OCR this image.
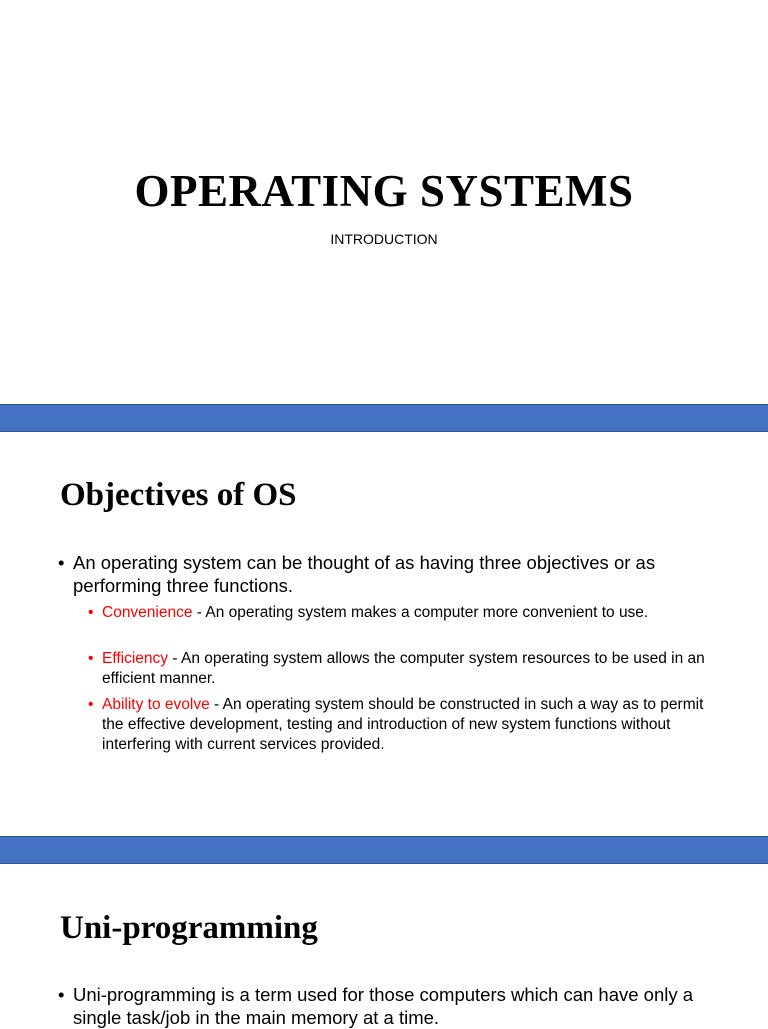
OPERATING SYSTEMS
INTRODUCTION
Objectives of OS
• An operating system can be thought of as having three objectives or as performing three functions.
• Convenience - An operating system makes a computer more convenient to use.
• Efficiency - An operating system allows the computer system resources to be used in an efficient manner.
• Ability to evolve - An operating system should be constructed in such a way as to permit the effective development, testing and introduction of new system functions without interfering with current services provided.
Uni-programming
• Uni-programming is a term used for those computers which can have only a single task/job in the main memory at a time.
